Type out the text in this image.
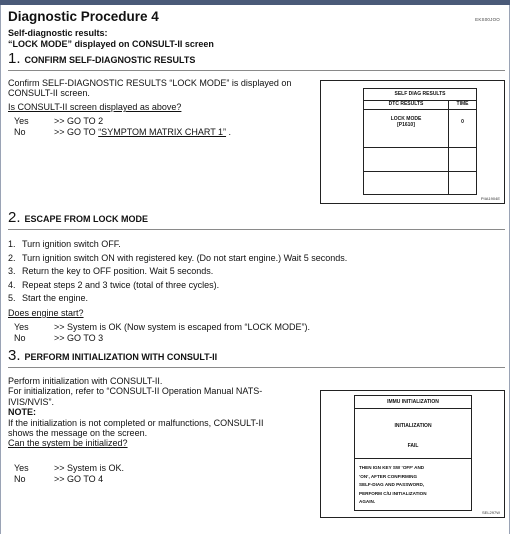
Diagnostic Procedure 4	EKS00JOO
Self-diagnostic results:
“LOCK MODE” displayed on CONSULT-II screen
1. CONFIRM SELF-DIAGNOSTIC RESULTS
Confirm SELF-DIAGNOSTIC RESULTS “LOCK MODE” is displayed on CONSULT-II screen.
Is CONSULT-II screen displayed as above?
Yes	>> GO TO 2
No	>> GO TO “SYMPTOM MATRIX CHART 1” .
SELF DIAG RESULTS
DTC RESULTS	TIME
LOCK MODE
[P1610]	0
PIIA1904E
2. ESCAPE FROM LOCK MODE
1. Turn ignition switch OFF.
2. Turn ignition switch ON with registered key. (Do not start engine.) Wait 5 seconds.
3. Return the key to OFF position. Wait 5 seconds.
4. Repeat steps 2 and 3 twice (total of three cycles).
5. Start the engine.
Does engine start?
Yes	>> System is OK (Now system is escaped from “LOCK MODE”).
No	>> GO TO 3
3. PERFORM INITIALIZATION WITH CONSULT-II
Perform initialization with CONSULT-II.
For initialization, refer to “CONSULT-II Operation Manual NATS-
IVIS/NVIS”.
NOTE:
If the initialization is not completed or malfunctions, CONSULT-II
shows the message on the screen.
Can the system be initialized?
Yes	>> System is OK.
No	>> GO TO 4
IMMU INITIALIZATION
INITIALIZATION
FAIL
THEN IGN KEY SW ‘OFF’ AND
‘ON’, AFTER CONFIRMING
SELF-DIAG AND PASSWORD,
PERFORM C/U INITIALIZATION
AGAIN.
SEL297W
